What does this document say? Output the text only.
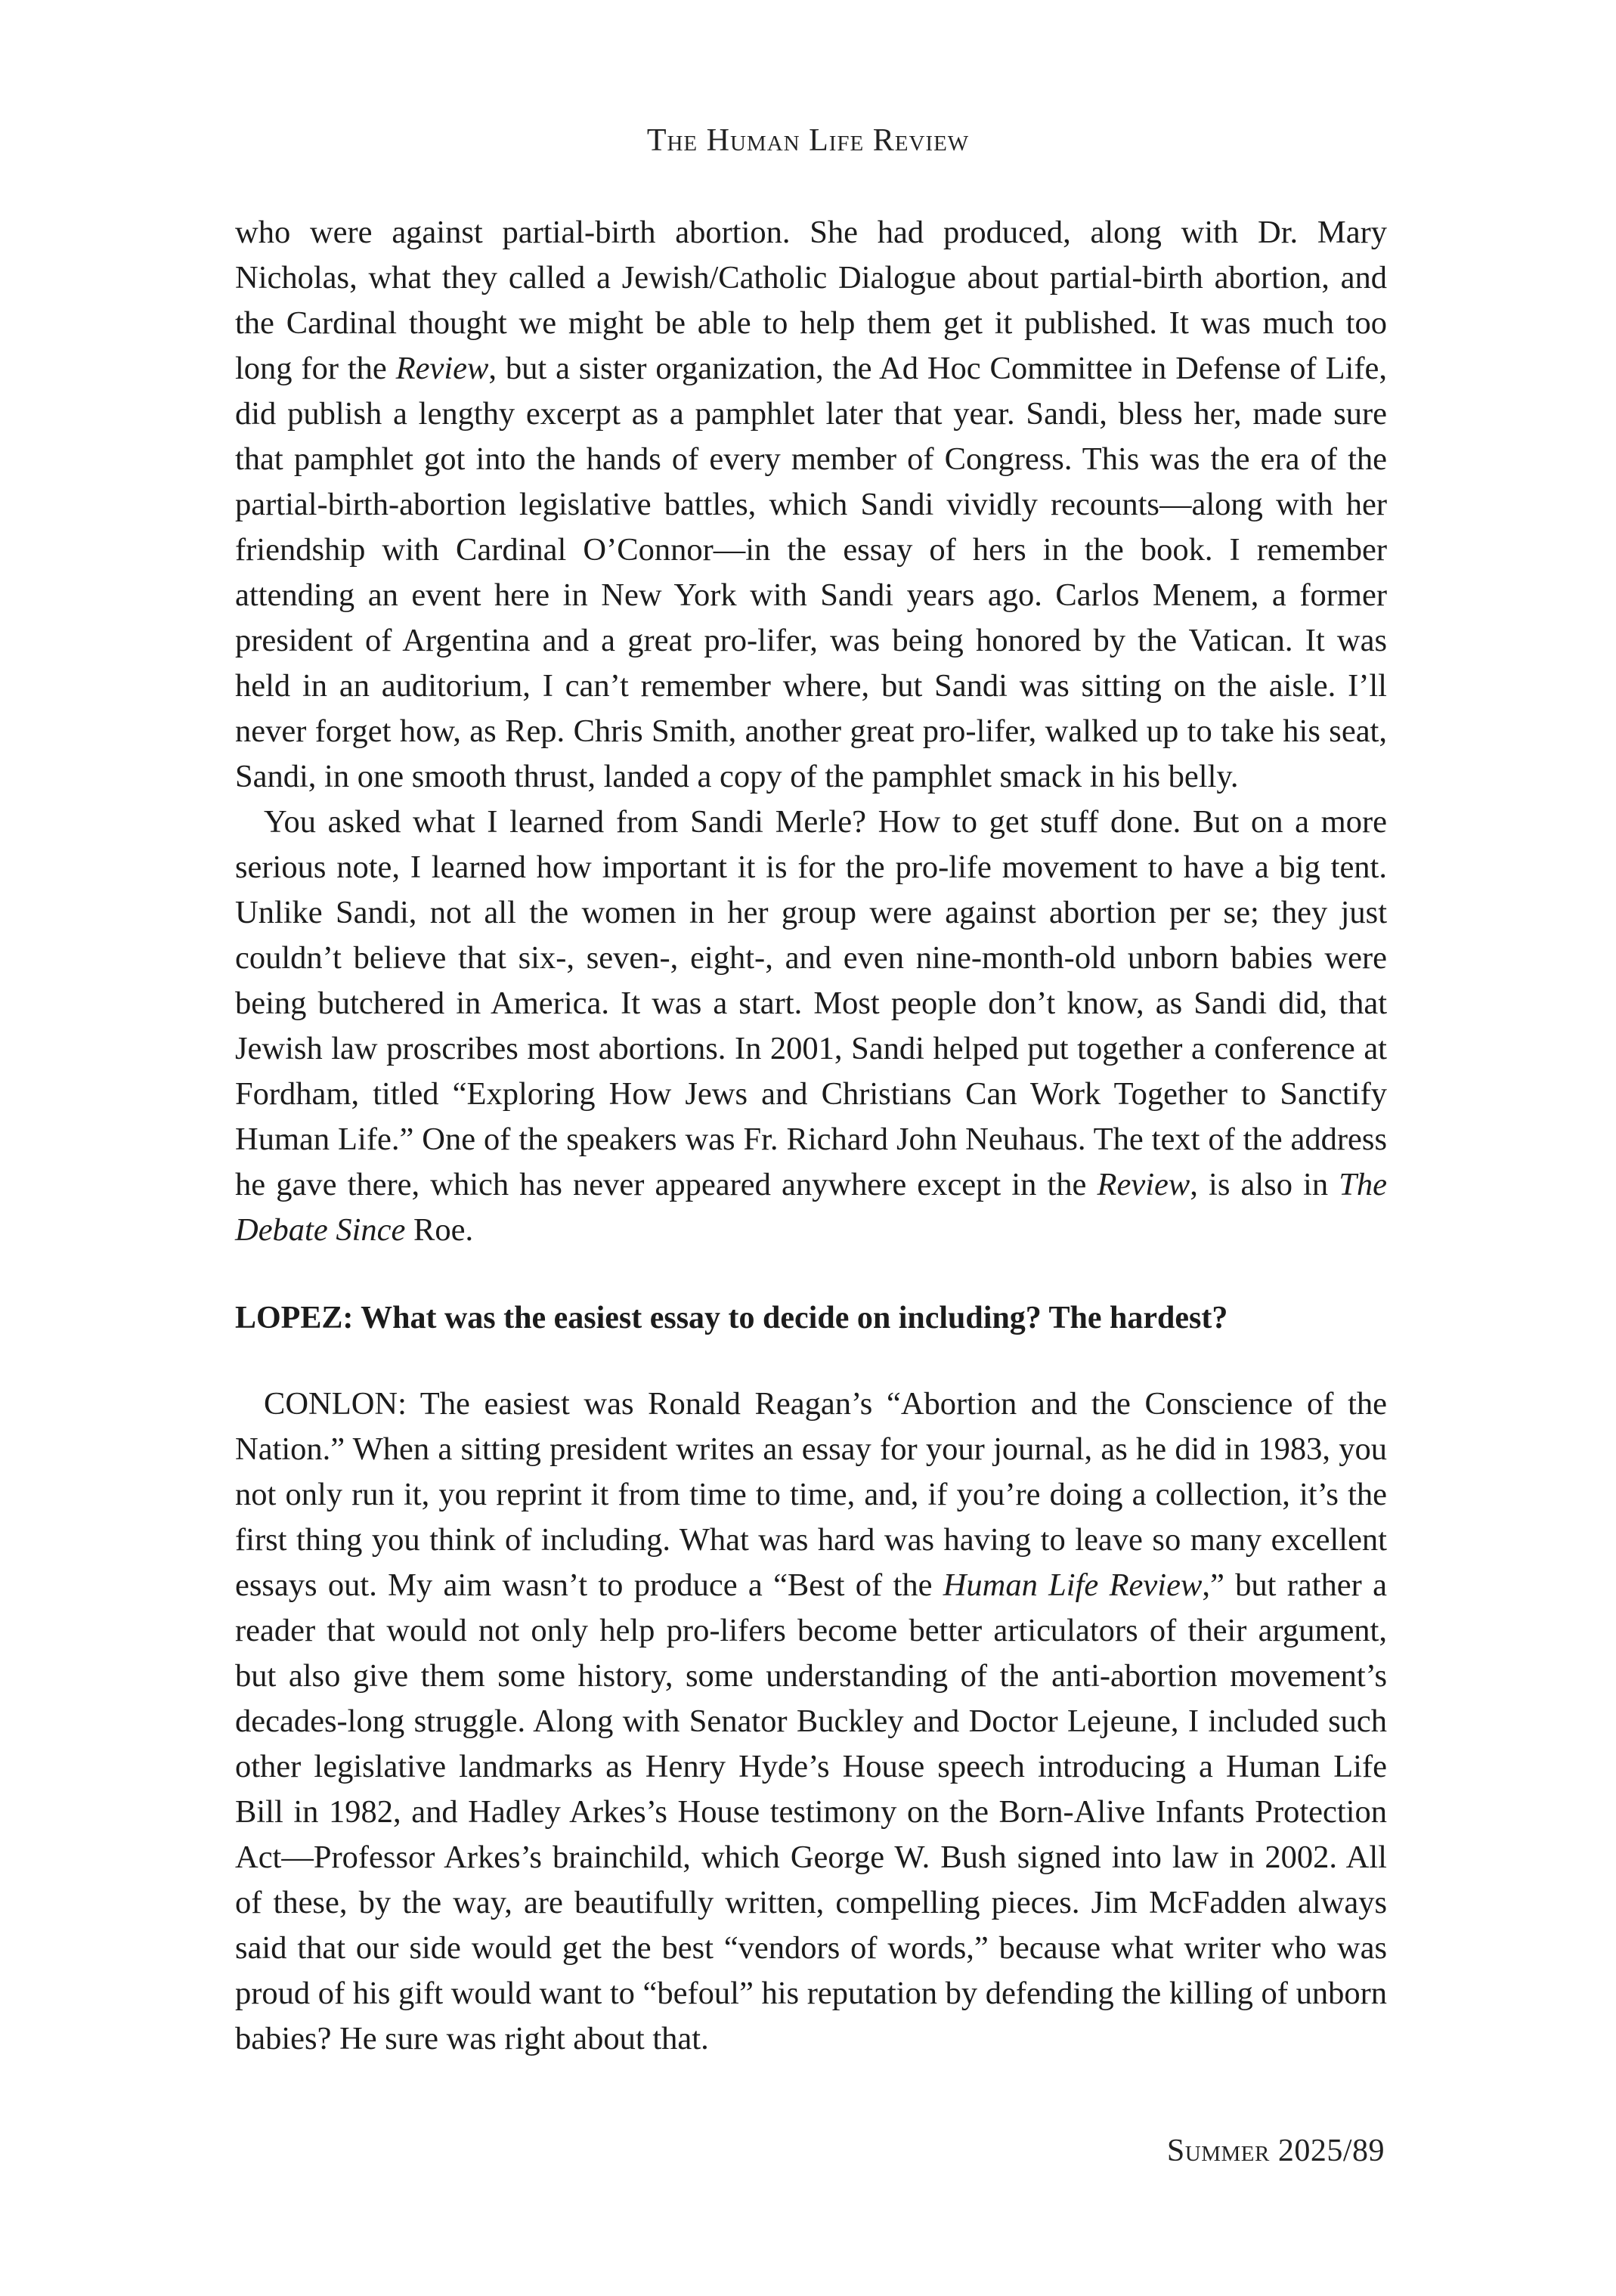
The Human Life Review

who were against partial-birth abortion. She had produced, along with Dr. Mary Nicholas, what they called a Jewish/Catholic Dialogue about partial-birth abortion, and the Cardinal thought we might be able to help them get it published. It was much too long for the Review, but a sister organization, the Ad Hoc Committee in Defense of Life, did publish a lengthy excerpt as a pamphlet later that year. Sandi, bless her, made sure that pamphlet got into the hands of every member of Congress. This was the era of the partial-birth-abortion legislative battles, which Sandi vividly recounts—along with her friendship with Cardinal O’Connor—in the essay of hers in the book. I remember attending an event here in New York with Sandi years ago. Carlos Menem, a former president of Argentina and a great pro-lifer, was being honored by the Vatican. It was held in an auditorium, I can’t remember where, but Sandi was sitting on the aisle. I’ll never forget how, as Rep. Chris Smith, another great pro-lifer, walked up to take his seat, Sandi, in one smooth thrust, landed a copy of the pamphlet smack in his belly.

You asked what I learned from Sandi Merle? How to get stuff done. But on a more serious note, I learned how important it is for the pro-life movement to have a big tent. Unlike Sandi, not all the women in her group were against abortion per se; they just couldn’t believe that six-, seven-, eight-, and even nine-month-old unborn babies were being butchered in America. It was a start. Most people don’t know, as Sandi did, that Jewish law proscribes most abortions. In 2001, Sandi helped put together a conference at Fordham, titled “Exploring How Jews and Christians Can Work Together to Sanctify Human Life.” One of the speakers was Fr. Richard John Neuhaus. The text of the address he gave there, which has never appeared anywhere except in the Review, is also in The Debate Since Roe.

LOPEZ: What was the easiest essay to decide on including? The hardest?

CONLON: The easiest was Ronald Reagan’s “Abortion and the Conscience of the Nation.” When a sitting president writes an essay for your journal, as he did in 1983, you not only run it, you reprint it from time to time, and, if you’re doing a collection, it’s the first thing you think of including. What was hard was having to leave so many excellent essays out. My aim wasn’t to produce a “Best of the Human Life Review,” but rather a reader that would not only help pro-lifers become better articulators of their argument, but also give them some history, some understanding of the anti-abortion movement’s decades-long struggle. Along with Senator Buckley and Doctor Lejeune, I included such other legislative landmarks as Henry Hyde’s House speech introducing a Human Life Bill in 1982, and Hadley Arkes’s House testimony on the Born-Alive Infants Protection Act—Professor Arkes’s brainchild, which George W. Bush signed into law in 2002. All of these, by the way, are beautifully written, compelling pieces. Jim McFadden always said that our side would get the best “vendors of words,” because what writer who was proud of his gift would want to “befoul” his reputation by defending the killing of unborn babies? He sure was right about that.

Summer 2025/89
